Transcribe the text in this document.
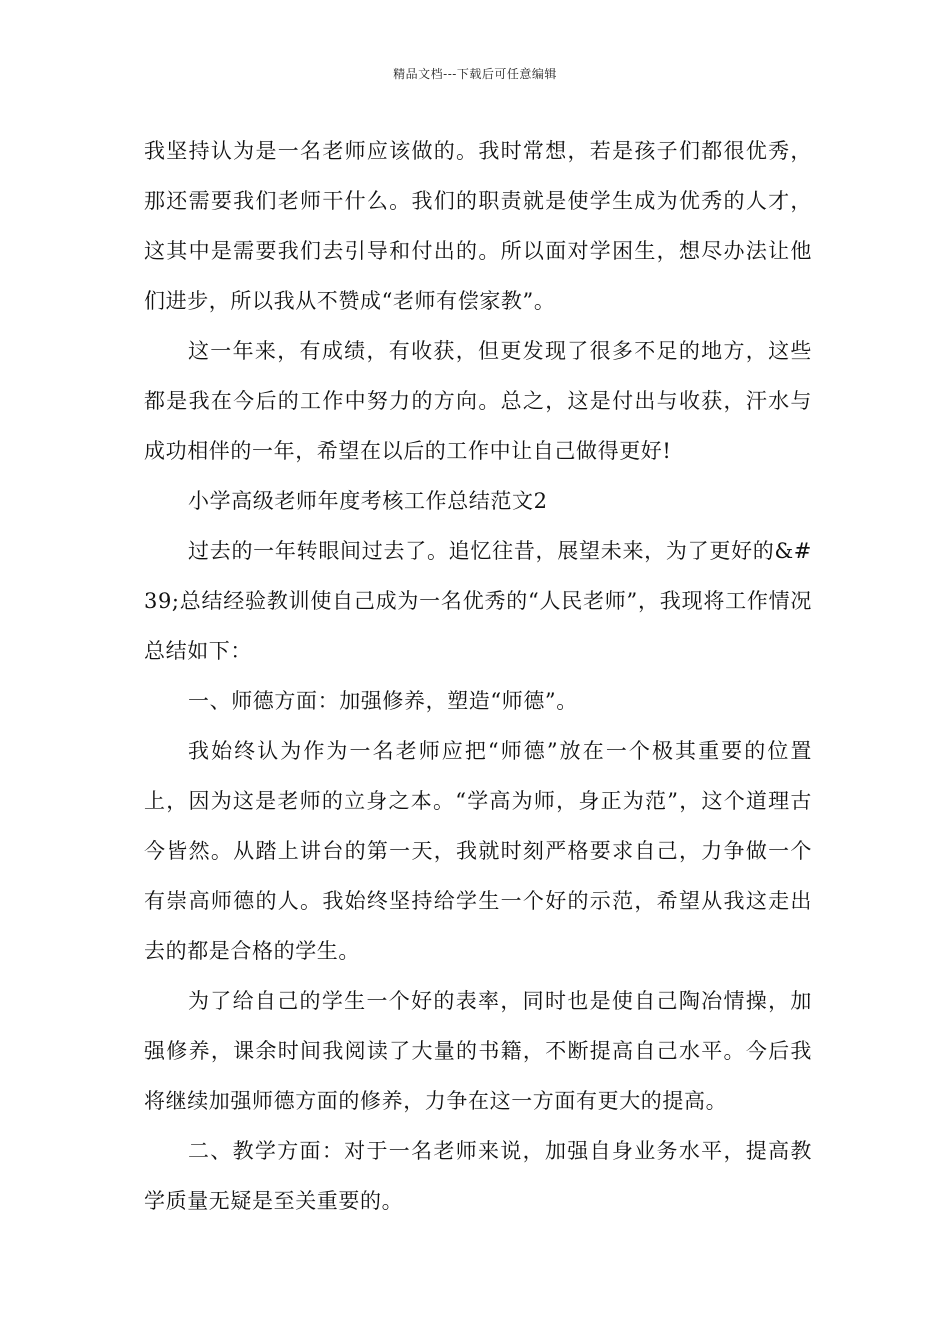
精品文档---下载后可任意编辑

我坚持认为是一名老师应该做的。我时常想，若是孩子们都很优秀，那还需要我们老师干什么。我们的职责就是使学生成为优秀的人才，这其中是需要我们去引导和付出的。所以面对学困生，想尽办法让他们进步，所以我从不赞成“老师有偿家教”。

这一年来，有成绩，有收获，但更发现了很多不足的地方，这些都是我在今后的工作中努力的方向。总之，这是付出与收获，汗水与成功相伴的一年，希望在以后的工作中让自己做得更好!

小学高级老师年度考核工作总结范文2

过去的一年转眼间过去了。追忆往昔，展望未来，为了更好的&#39;总结经验教训使自己成为一名优秀的“人民老师”，我现将工作情况总结如下：

一、师德方面：加强修养，塑造“师德”。

我始终认为作为一名老师应把“师德”放在一个极其重要的位置上，因为这是老师的立身之本。“学高为师，身正为范”，这个道理古今皆然。从踏上讲台的第一天，我就时刻严格要求自己，力争做一个有崇高师德的人。我始终坚持给学生一个好的示范，希望从我这走出去的都是合格的学生。

为了给自己的学生一个好的表率，同时也是使自己陶冶情操，加强修养，课余时间我阅读了大量的书籍，不断提高自己水平。今后我将继续加强师德方面的修养，力争在这一方面有更大的提高。

二、教学方面：对于一名老师来说，加强自身业务水平，提高教学质量无疑是至关重要的。
